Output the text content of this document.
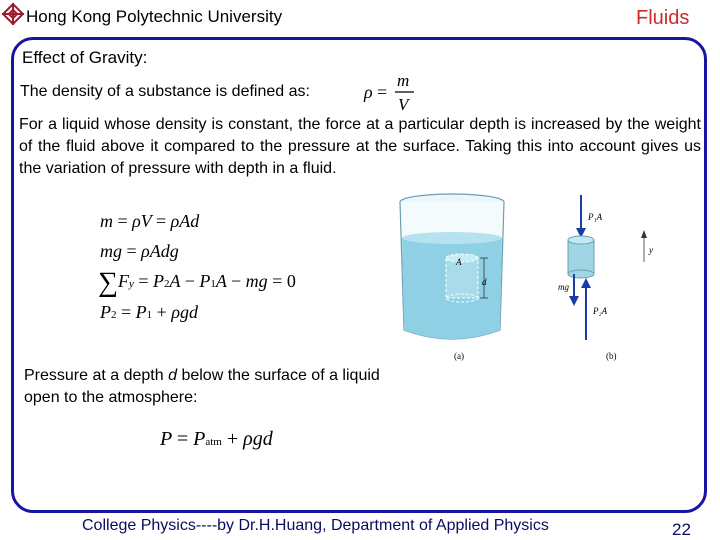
Hong Kong Polytechnic University	Fluids
Effect of Gravity:
The density of a substance is defined as:	ρ =
m
V
For a liquid whose density is constant, the force at a particular depth is increased by the weight of the fluid above it compared to the pressure at the surface. Taking this into account gives us the variation of pressure with depth in a fluid.
m = ρV = ρAd
mg = ρAdg
∑Fy = P2A − P1A − mg = 0
P2 = P1 + ρgd
A
d
(a)
P₁A
mg
P₂A
y
(b)
Pressure at a depth d below the surface of a liquid open to the atmosphere:
P = Patm + ρgd
College Physics----by Dr.H.Huang, Department of Applied Physics	22
